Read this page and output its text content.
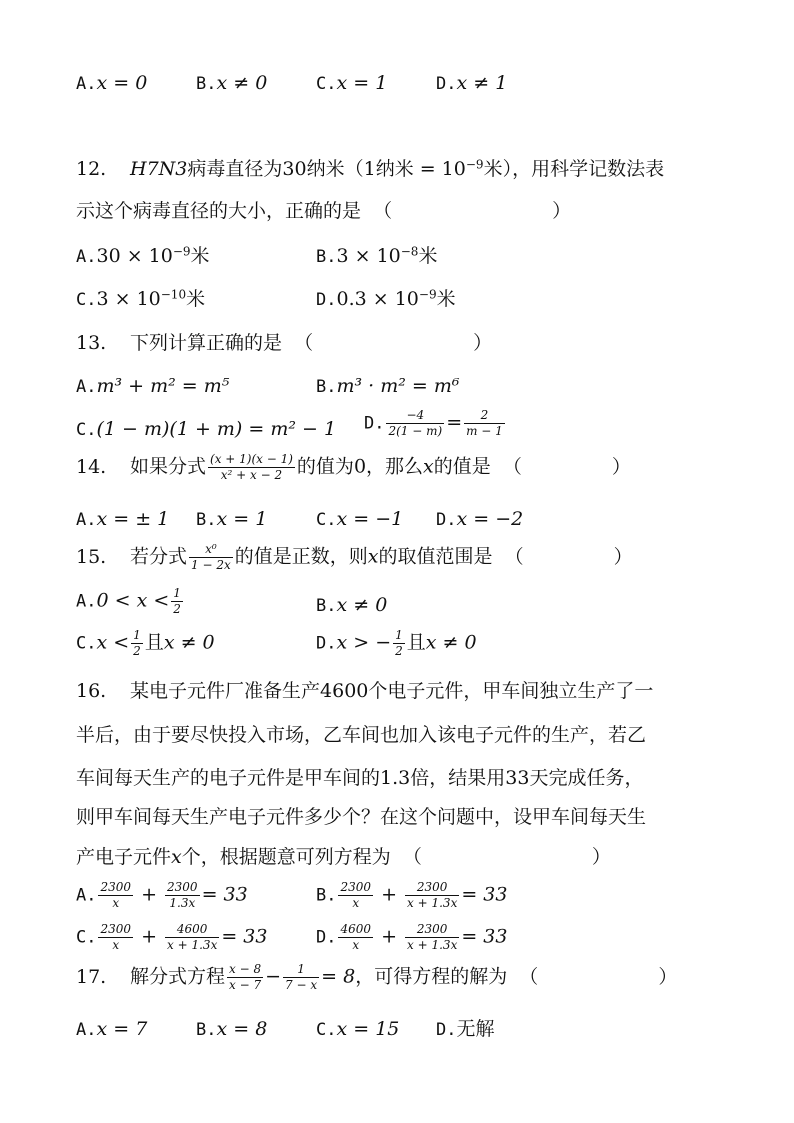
A.x = 0	B.x ≠ 0	C.x = 1	D.x ≠ 1
12. H7N3病毒直径为30纳米（1纳米 = $10^{-9}$米），用科学记数法表
示这个病毒直径的大小，正确的是 （	）
$A.30 \times 10^{-9}$米	$B.3 \times 10^{-8}$米
$C.3 \times 10^{-10}$米	$D.0.3 \times 10^{-9}$米
13. 下列计算正确的是 （	）
A.m³ + m² = m⁵	B.m³ · m² = m⁶
C.(1 − m)(1 + m) = m² − 1 D. $\frac{-4}{2(1 - m)} = \frac{2}{m - 1}$
14. 如果分式 $\frac{(x + 1)(x - 1)}{\text{x² + x − 2}}$ 的值为0，那么x的值是 （	）
A.x = ± 1 B.x = 1	C.x = −1 D.x = −2
15. 若分式 $\frac{\text{x⁰}}{1 - 2x}$ 的值是正数，则x的取值范围是 （	）
$A.0 < x < \frac{1}{2}$	B.x ≠ 0
$C.x < \frac{1}{2}$ 且x ≠ 0	D.x > − $\frac{1}{2}$ 且x ≠ 0
16. 某电子元件厂准备生产4600个电子元件，甲车间独立生产了一
半后，由于要尽快投入市场，乙车间也加入该电子元件的生产，若乙
车间每天生产的电子元件是甲车间的1.3倍，结果用33天完成任务，
则甲车间每天生产电子元件多少个？在这个问题中，设甲车间每天生
产电子元件x个，根据题意可列方程为 （	）
A. $\frac{2300}{x} + \frac{2300}{1.3x} = 33$	B. $\frac{2300}{x} + \frac{2300}{x + 1.3x} = 33$
C. $\frac{2300}{x} + \frac{4600}{x + 1.3x} = 33$	D. $\frac{4600}{x} + \frac{2300}{x + 1.3x} = 33$
17. 解分式方程 $\frac{x - 8}{x - 7} - \frac{1}{7 - x} = 8$，可得方程的解为 （	）
A.x = 7	B.x = 8	C.x = 15 D.无解
